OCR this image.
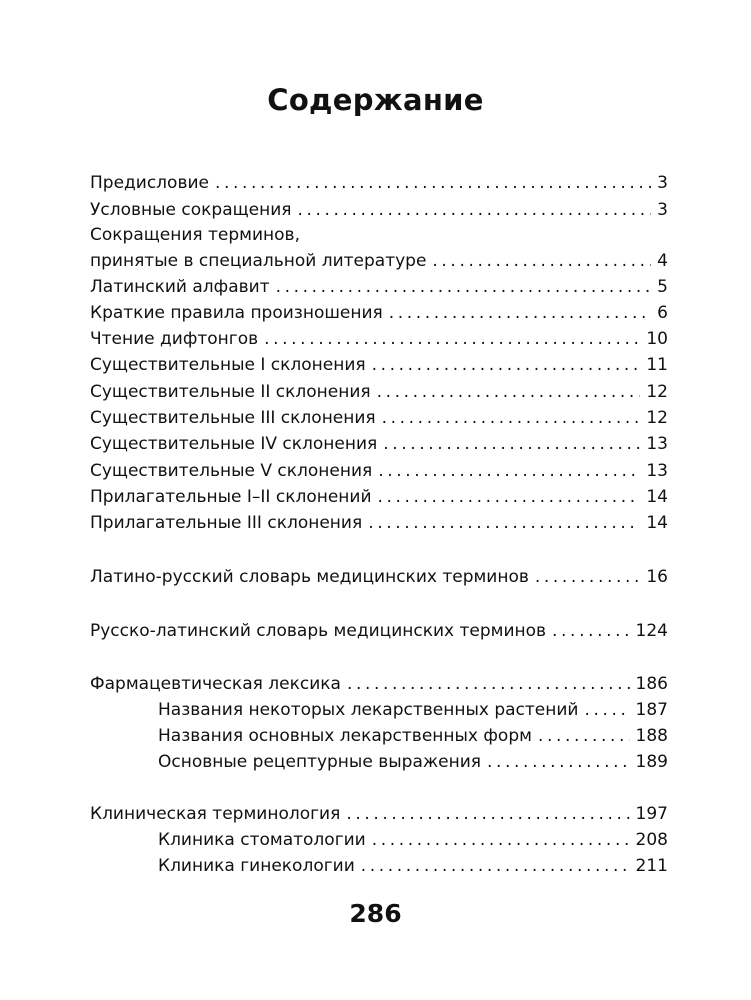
Содержание
Предисловие . . .	3
Условные сокращения . . .	3
Сокращения терминов,
принятые в специальной литературе . . .	4
Латинский алфавит . . .	5
Краткие правила произношения . . .	6
Чтение дифтонгов . . .	10
Существительные I склонения . . .	11
Существительные II склонения . . .	12
Существительные III склонения . . .	12
Существительные IV склонения . . .	13
Существительные V склонения . . .	13
Прилагательные I–II склонений . . .	14
Прилагательные III склонения . . .	14
Латино-русский словарь медицинских терминов . . .	16
Русско-латинский словарь медицинских терминов . . .	124
Фармацевтическая лексика . . .	186
Названия некоторых лекарственных растений . . .	187
Названия основных лекарственных форм . . .	188
Основные рецептурные выражения . . .	189
Клиническая терминология . . .	197
Клиника стоматологии . . .	208
Клиника гинекологии . . .	211
286
